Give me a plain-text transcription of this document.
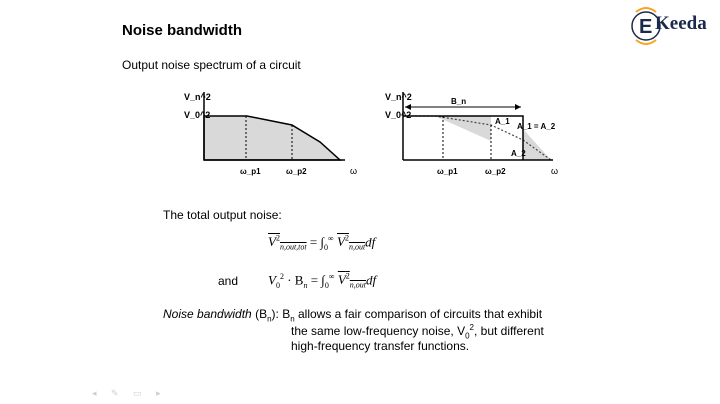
E Keeda
Noise bandwidth
Output noise spectrum of a circuit
V_n^2
V_0^2
ω_p1	ω_p2	ω
B_n
A_1
A_2
A_1 = A_2
V_n^2
V_0^2
ω_p1	ω_p2	ω
The total output noise:
$V^2_{n,out,tot} = \int_0^\infty$ $V^2_{n,out}df$
and $V_0^2 \cdot B_n = \int_0^\infty$ $V^2_{n,out}df$
Noise bandwidth $(B_n)$: $B_n$ allows a fair comparison of circuits that exhibit
the same low-frequency noise, $V_0^2$, but different
high-frequency transfer functions.
◂ ✎ ▭ ▸
